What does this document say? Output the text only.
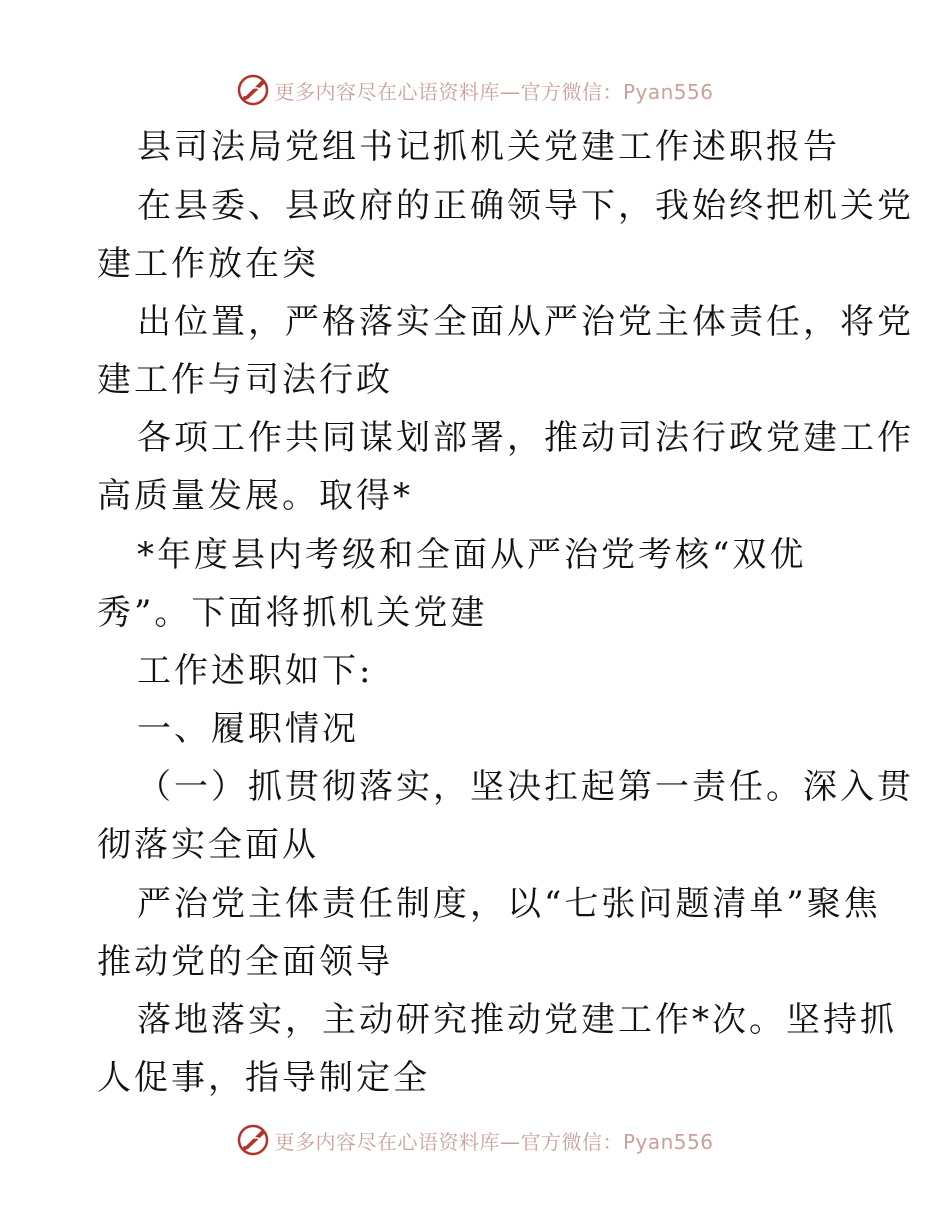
更多内容尽在心语资料库—官方微信：Pyan556
县司法局党组书记抓机关党建工作述职报告
在县委、县政府的正确领导下，我始终把机关党
建工作放在突
出位置，严格落实全面从严治党主体责任，将党
建工作与司法行政
各项工作共同谋划部署，推动司法行政党建工作
高质量发展。取得*
*年度县内考级和全面从严治党考核“双优
秀”。下面将抓机关党建
工作述职如下:
一、履职情况
（一）抓贯彻落实，坚决扛起第一责任。深入贯
彻落实全面从
严治党主体责任制度，以“七张问题清单”聚焦
推动党的全面领导
落地落实，主动研究推动党建工作*次。坚持抓
人促事，指导制定全
更多内容尽在心语资料库—官方微信：Pyan556
